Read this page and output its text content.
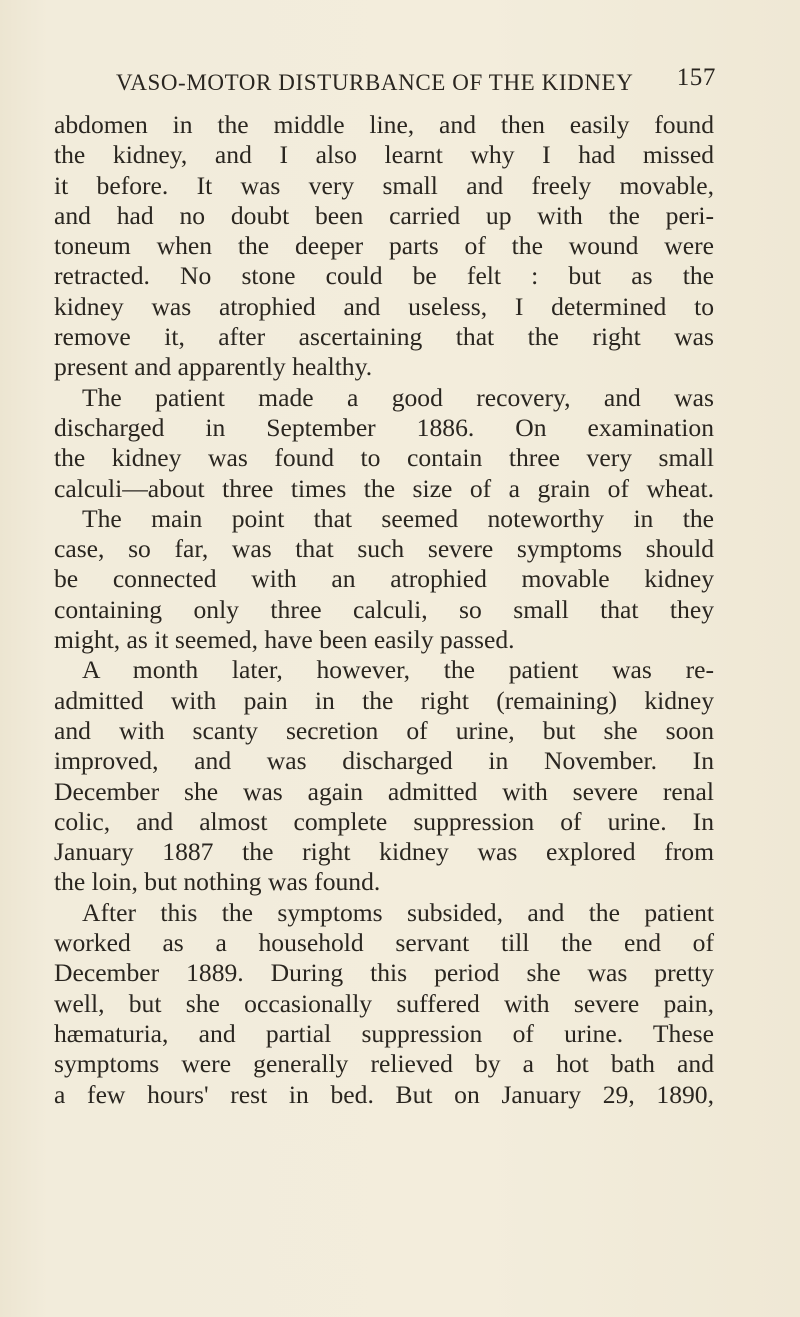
VASO-MOTOR DISTURBANCE OF THE KIDNEY 157
abdomen in the middle line, and then easily found
the kidney, and I also learnt why I had missed
it before. It was very small and freely movable,
and had no doubt been carried up with the peri-
toneum when the deeper parts of the wound were
retracted. No stone could be felt : but as the
kidney was atrophied and useless, I determined to
remove it, after ascertaining that the right was
present and apparently healthy.
The patient made a good recovery, and was
discharged in September 1886. On examination
the kidney was found to contain three very small
calculi—about three times the size of a grain of wheat.
The main point that seemed noteworthy in the
case, so far, was that such severe symptoms should
be connected with an atrophied movable kidney
containing only three calculi, so small that they
might, as it seemed, have been easily passed.
A month later, however, the patient was re-
admitted with pain in the right (remaining) kidney
and with scanty secretion of urine, but she soon
improved, and was discharged in November. In
December she was again admitted with severe renal
colic, and almost complete suppression of urine. In
January 1887 the right kidney was explored from
the loin, but nothing was found.
After this the symptoms subsided, and the patient
worked as a household servant till the end of
December 1889. During this period she was pretty
well, but she occasionally suffered with severe pain,
hæmaturia, and partial suppression of urine. These
symptoms were generally relieved by a hot bath and
a few hours' rest in bed. But on January 29, 1890,
